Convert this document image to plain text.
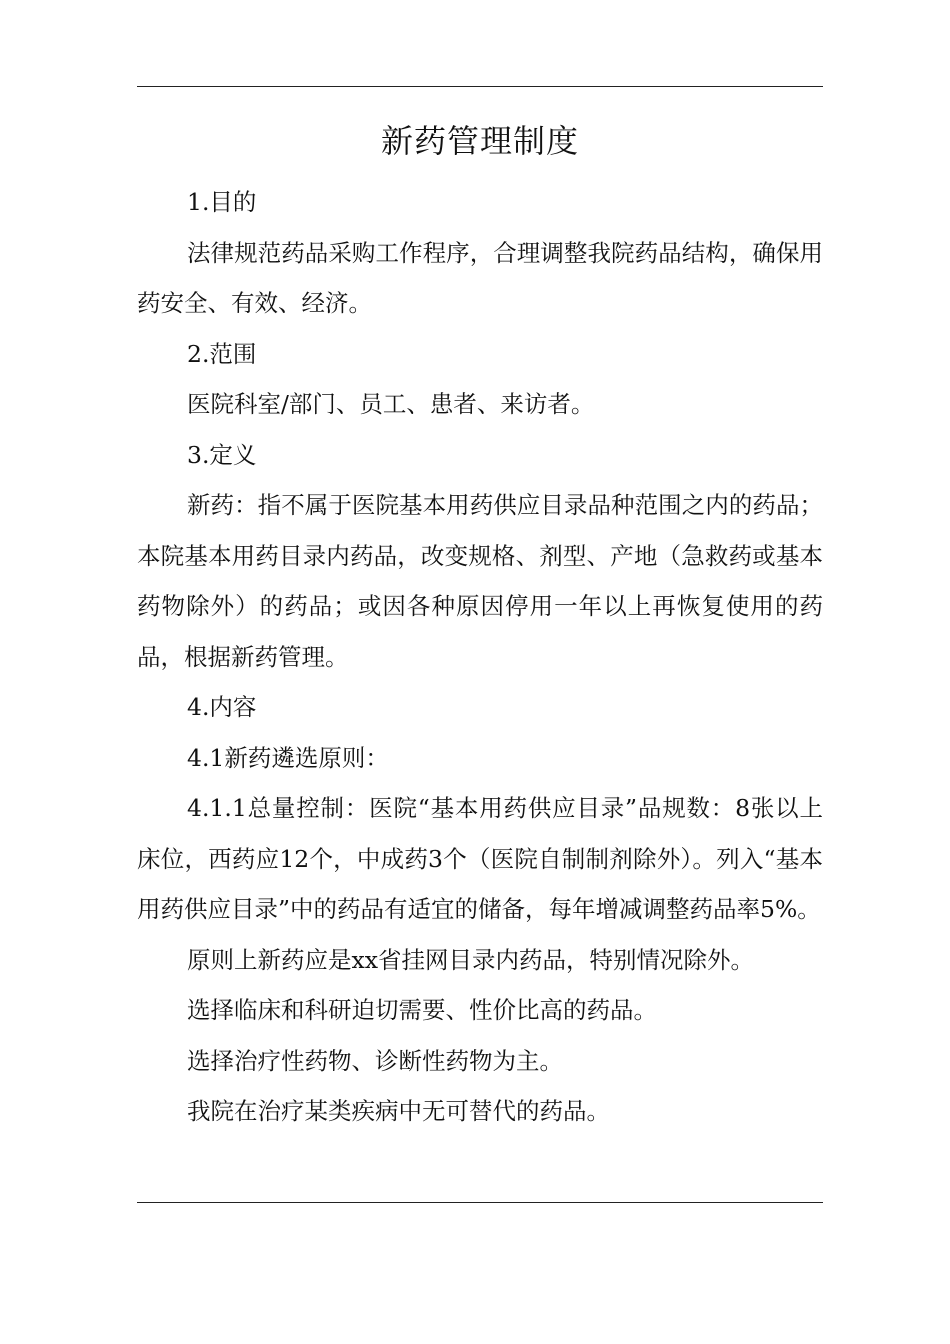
新药管理制度

1.目的

法律规范药品采购工作程序，合理调整我院药品结构，确保用药安全、有效、经济。

2.范围

医院科室/部门、员工、患者、来访者。

3.定义

新药：指不属于医院基本用药供应目录品种范围之内的药品；本院基本用药目录内药品，改变规格、剂型、产地（急救药或基本药物除外）的药品；或因各种原因停用一年以上再恢复使用的药品，根据新药管理。

4.内容

4.1新药遴选原则：

4.1.1总量控制：医院“基本用药供应目录”品规数：8张以上床位，西药应12个，中成药3个（医院自制制剂除外）。列入“基本用药供应目录”中的药品有适宜的储备，每年增减调整药品率5%。

原则上新药应是xx省挂网目录内药品，特别情况除外。

选择临床和科研迫切需要、性价比高的药品。

选择治疗性药物、诊断性药物为主。

我院在治疗某类疾病中无可替代的药品。
